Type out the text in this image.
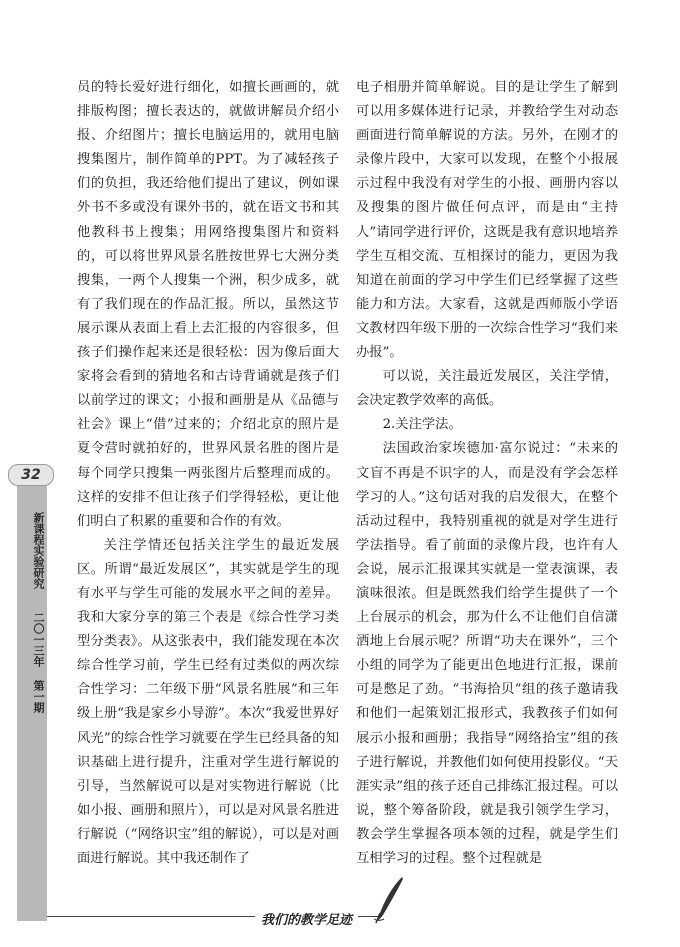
32
新课程实验研究
二〇一三年 第一期

员的特长爱好进行细化，如擅长画画的，就排版构图；擅长表达的，就做讲解员介绍小报、介绍图片；擅长电脑运用的，就用电脑搜集图片，制作简单的PPT。为了减轻孩子们的负担，我还给他们提出了建议，例如课外书不多或没有课外书的，就在语文书和其他教科书上搜集；用网络搜集图片和资料的，可以将世界风景名胜按世界七大洲分类搜集，一两个人搜集一个洲，积少成多，就有了我们现在的作品汇报。所以，虽然这节展示课从表面上看上去汇报的内容很多，但孩子们操作起来还是很轻松：因为像后面大家将会看到的猜地名和古诗背诵就是孩子们以前学过的课文；小报和画册是从《品德与社会》课上“借”过来的；介绍北京的照片是夏令营时就拍好的，世界风景名胜的图片是每个同学只搜集一两张图片后整理而成的。这样的安排不但让孩子们学得轻松，更让他们明白了积累的重要和合作的有效。

关注学情还包括关注学生的最近发展区。所谓“最近发展区”，其实就是学生的现有水平与学生可能的发展水平之间的差异。我和大家分享的第三个表是《综合性学习类型分类表》。从这张表中，我们能发现在本次综合性学习前，学生已经有过类似的两次综合性学习：二年级下册“风景名胜展”和三年级上册“我是家乡小导游”。本次“我爱世界好风光”的综合性学习就要在学生已经具备的知识基础上进行提升，注重对学生进行解说的引导，当然解说可以是对实物进行解说（比如小报、画册和照片），可以是对风景名胜进行解说（“网络识宝”组的解说），可以是对画面进行解说。其中我还制作了

电子相册并简单解说。目的是让学生了解到可以用多媒体进行记录，并教给学生对动态画面进行简单解说的方法。另外，在刚才的录像片段中，大家可以发现，在整个小报展示过程中我没有对学生的小报、画册内容以及搜集的图片做任何点评，而是由“主持人”请同学进行评价，这既是我有意识地培养学生互相交流、互相探讨的能力，更因为我知道在前面的学习中学生们已经掌握了这些能力和方法。大家看，这就是西师版小学语文教材四年级下册的一次综合性学习“我们来办报”。

可以说，关注最近发展区，关注学情，会决定教学效率的高低。

2.关注学法。

法国政治家埃德加·富尔说过：“未来的文盲不再是不识字的人，而是没有学会怎样学习的人。”这句话对我的启发很大，在整个活动过程中，我特别重视的就是对学生进行学法指导。看了前面的录像片段，也许有人会说，展示汇报课其实就是一堂表演课，表演味很浓。但是既然我们给学生提供了一个上台展示的机会，那为什么不让他们自信潇洒地上台展示呢？所谓“功夫在课外”，三个小组的同学为了能更出色地进行汇报，课前可是憋足了劲。“书海拾贝”组的孩子邀请我和他们一起策划汇报形式，我教孩子们如何展示小报和画册；我指导“网络拾宝”组的孩子进行解说，并教他们如何使用投影仪。“天涯实录”组的孩子还自己排练汇报过程。可以说，整个筹备阶段，就是我引领学生学习，教会学生掌握各项本领的过程，就是学生们互相学习的过程。整个过程就是

我们的教学足迹
